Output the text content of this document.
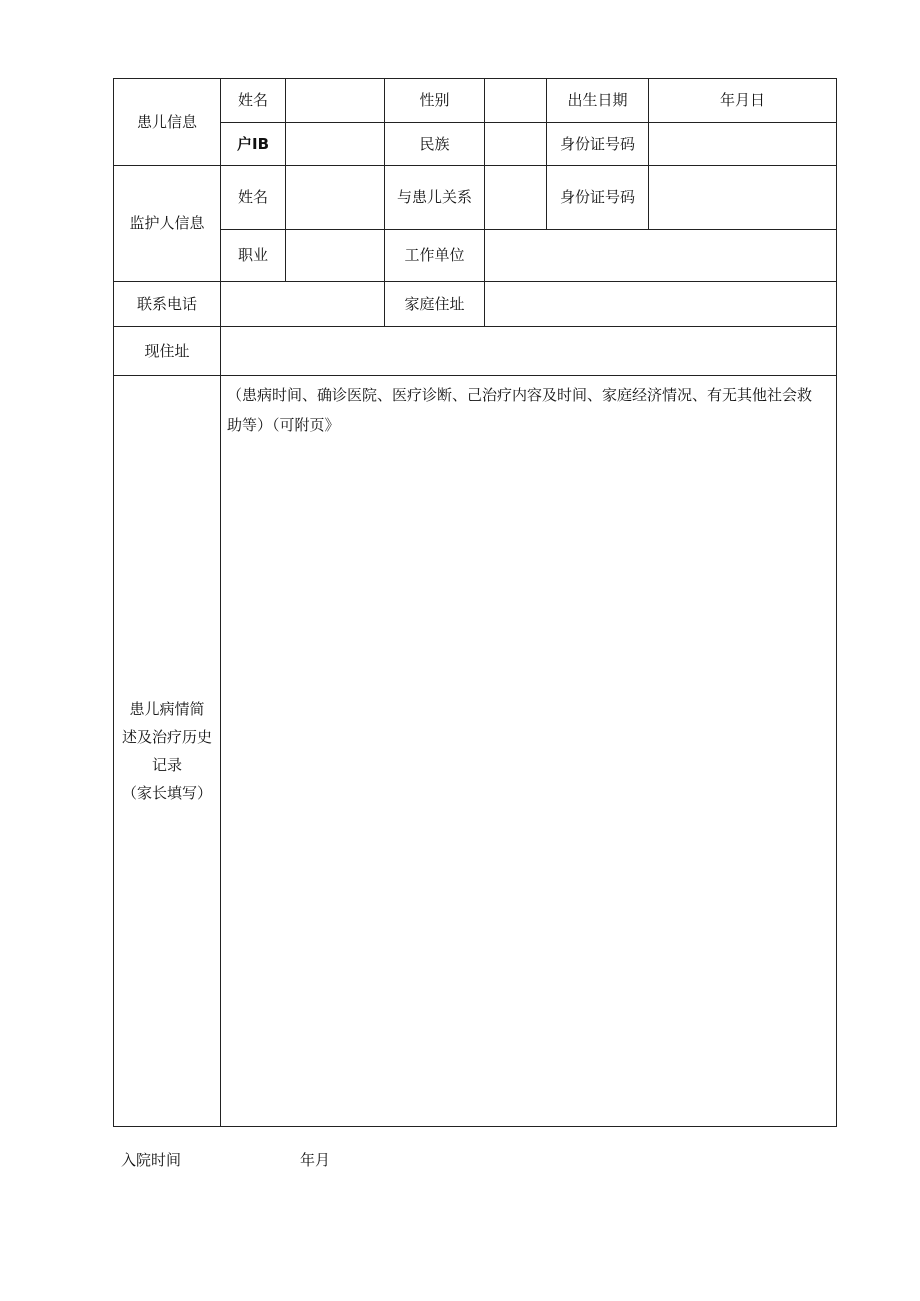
患儿信息	姓名		性别		出生日期	年月日
	户IB		民族		身份证号码	
监护人信息	姓名		与患儿关系		身份证号码	
	职业		工作单位			
联系电话			家庭住址			
现住址						

患儿病情简
述及治疗历史
记录
（家长填写）	（患病时间、确诊医院、医疗诊断、己治疗内容及时间、家庭经济情况、有无其他社会救
助等）（可附页》					
入院时间	年月
